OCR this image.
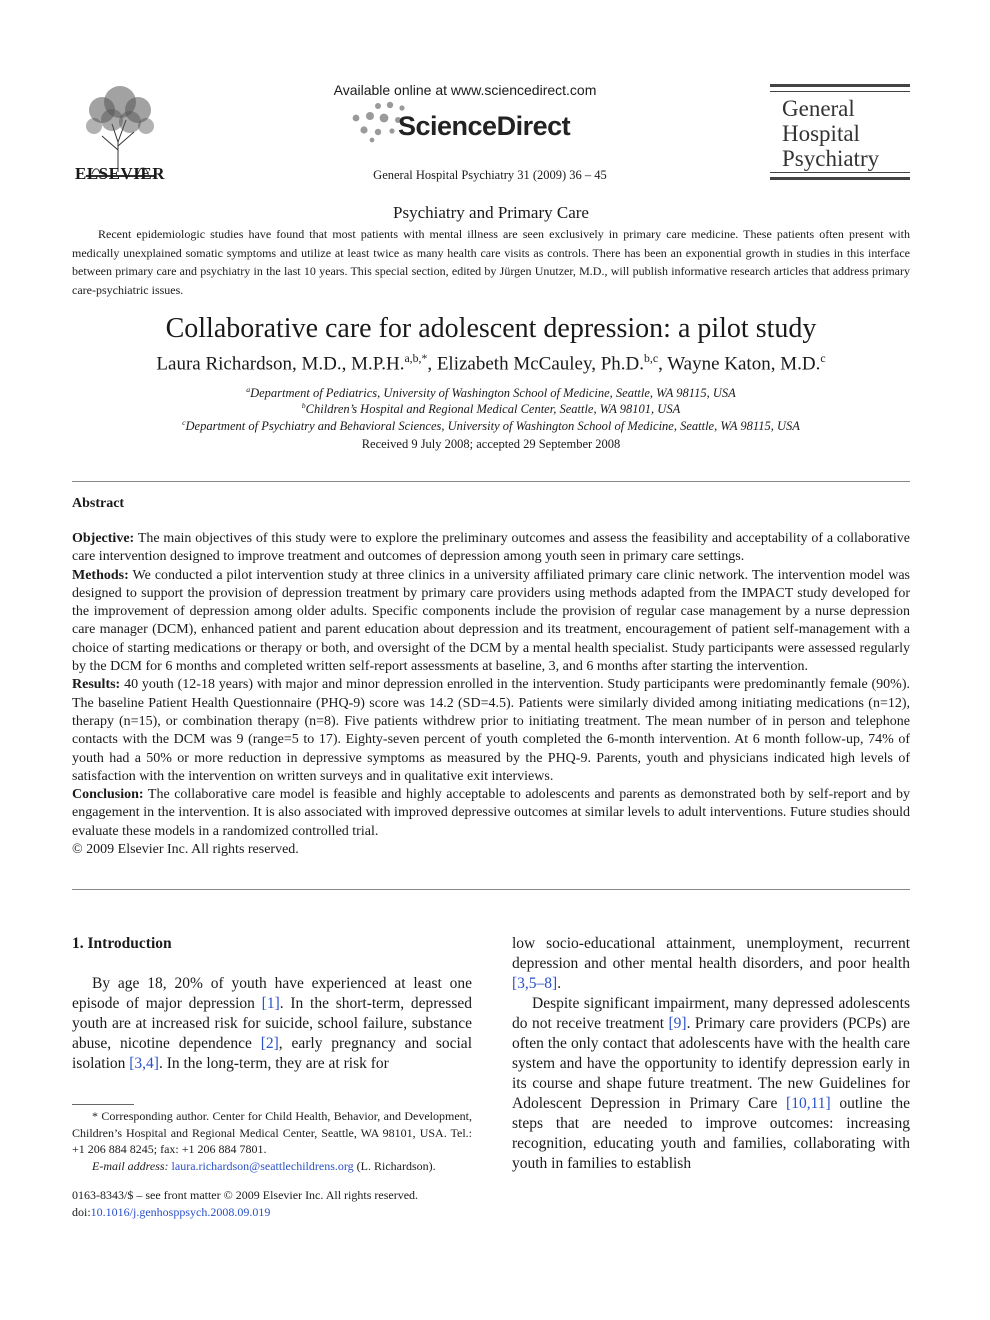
ELSEVIER
Available online at www.sciencedirect.com
ScienceDirect
General Hospital Psychiatry 31 (2009) 36 – 45
General
Hospital
Psychiatry
Psychiatry and Primary Care
Recent epidemiologic studies have found that most patients with mental illness are seen exclusively in primary care medicine. These patients often present with medically unexplained somatic symptoms and utilize at least twice as many health care visits as controls. There has been an exponential growth in studies in this interface between primary care and psychiatry in the last 10 years. This special section, edited by Jürgen Unutzer, M.D., will publish informative research articles that address primary care-psychiatric issues.
Collaborative care for adolescent depression: a pilot study
Laura Richardson, M.D., M.P.H.$^{a,b,*}$, Elizabeth McCauley, Ph.D.$^{b,c}$, Wayne Katon, M.D.$^c$
$^a$Department of Pediatrics, University of Washington School of Medicine, Seattle, WA 98115, USA
$^b$Children’s Hospital and Regional Medical Center, Seattle, WA 98101, USA
$^c$Department of Psychiatry and Behavioral Sciences, University of Washington School of Medicine, Seattle, WA 98115, USA
Received 9 July 2008; accepted 29 September 2008
Abstract

Objective: The main objectives of this study were to explore the preliminary outcomes and assess the feasibility and acceptability of a collaborative care intervention designed to improve treatment and outcomes of depression among youth seen in primary care settings.

Methods: We conducted a pilot intervention study at three clinics in a university affiliated primary care clinic network. The intervention model was designed to support the provision of depression treatment by primary care providers using methods adapted from the IMPACT study developed for the improvement of depression among older adults. Specific components include the provision of regular case management by a nurse depression care manager (DCM), enhanced patient and parent education about depression and its treatment, encouragement of patient self-management with a choice of starting medications or therapy or both, and oversight of the DCM by a mental health specialist. Study participants were assessed regularly by the DCM for 6 months and completed written self-report assessments at baseline, 3, and 6 months after starting the intervention.

Results: 40 youth (12-18 years) with major and minor depression enrolled in the intervention. Study participants were predominantly female (90%). The baseline Patient Health Questionnaire (PHQ-9) score was 14.2 (SD=4.5). Patients were similarly divided among initiating medications (n=12), therapy (n=15), or combination therapy (n=8). Five patients withdrew prior to initiating treatment. The mean number of in person and telephone contacts with the DCM was 9 (range=5 to 17). Eighty-seven percent of youth completed the 6-month intervention. At 6 month follow-up, 74% of youth had a 50% or more reduction in depressive symptoms as measured by the PHQ-9. Parents, youth and physicians indicated high levels of satisfaction with the intervention on written surveys and in qualitative exit interviews.

Conclusion: The collaborative care model is feasible and highly acceptable to adolescents and parents as demonstrated both by self-report and by engagement in the intervention. It is also associated with improved depressive outcomes at similar levels to adult interventions. Future studies should evaluate these models in a randomized controlled trial.

© 2009 Elsevier Inc. All rights reserved.

1. Introduction

By age 18, 20% of youth have experienced at least one episode of major depression [1]. In the short-term, depressed youth are at increased risk for suicide, school failure, substance abuse, nicotine dependence [2], early pregnancy and social isolation [3,4]. In the long-term, they are at risk for

low socio-educational attainment, unemployment, recurrent depression and other mental health disorders, and poor health [3,5–8].

Despite significant impairment, many depressed adolescents do not receive treatment [9]. Primary care providers (PCPs) are often the only contact that adolescents have with the health care system and have the opportunity to identify depression early in its course and shape future treatment. The new Guidelines for Adolescent Depression in Primary Care [10,11] outline the steps that are needed to improve outcomes: increasing recognition, educating youth and families, collaborating with youth in families to establish

* Corresponding author. Center for Child Health, Behavior, and Development, Children’s Hospital and Regional Medical Center, Seattle, WA 98101, USA. Tel.: +1 206 884 8245; fax: +1 206 884 7801.

E-mail address: laura.richardson@seattlechildrens.org (L. Richardson).

0163-8343/$ – see front matter © 2009 Elsevier Inc. All rights reserved.

doi:10.1016/j.genhosppsych.2008.09.019
